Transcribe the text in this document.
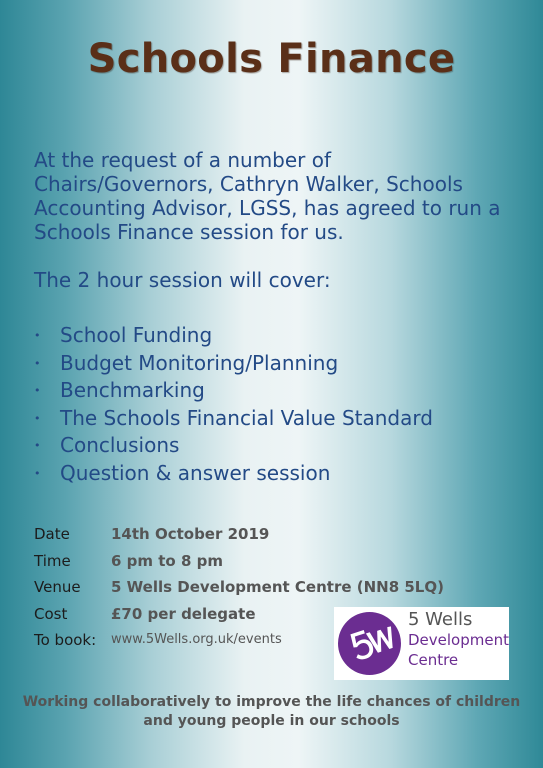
Schools Finance

At the request of a number of Chairs/Governors, Cathryn Walker, Schools Accounting Advisor, LGSS, has agreed to run a Schools Finance session for us.

The 2 hour session will cover:

• School Funding
• Budget Monitoring/Planning
• Benchmarking
• The Schools Financial Value Standard
• Conclusions
• Question & answer session
Date	14th October 2019
Time	6 pm to 8 pm
Venue 5 Wells Development Centre (NN8 5LQ)
Cost	£70 per delegate
To book: www.5Wells.org.uk/events
5 Wells
Development
Centre

Working collaboratively to improve the life chances of children and young people in our schools
